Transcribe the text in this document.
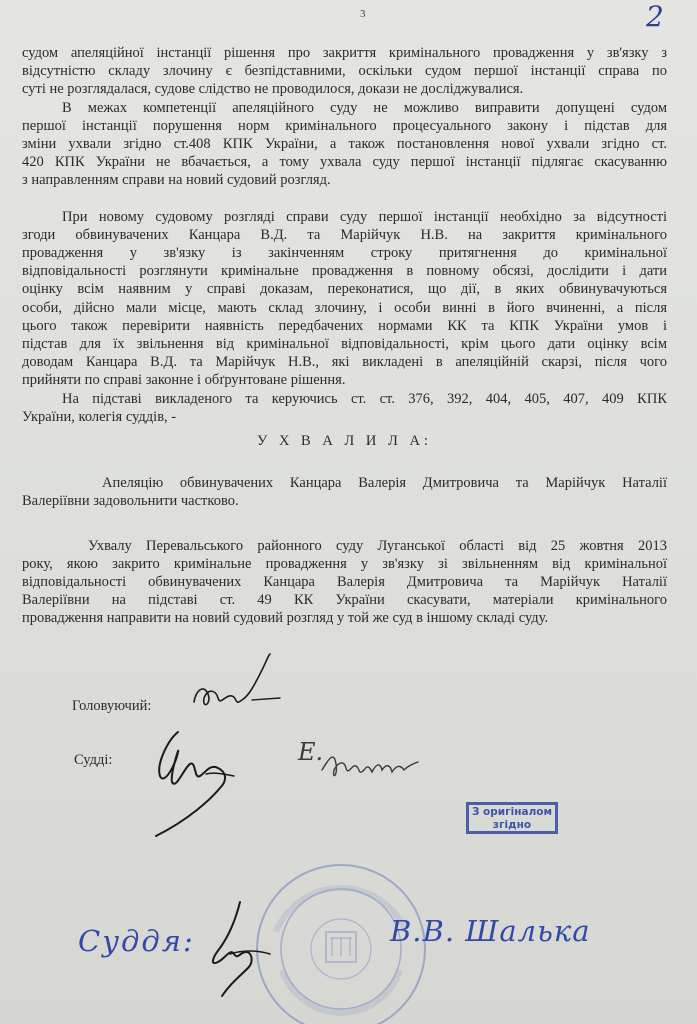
3	2

судом апеляційної інстанції рішення про закриття кримінального провадження у зв'язку з
відсутністю складу злочину є безпідставними, оскільки судом першої інстанції справа по
суті не розглядалася, судове слідство не проводилося, докази не досліджувалися.

В межах компетенції апеляційного суду не можливо виправити допущені судом
першої інстанції порушення норм кримінального процесуального закону і підстав для
зміни ухвали згідно ст.408 КПК України, а також постановлення нової ухвали згідно ст.
420 КПК України не вбачається, а тому ухвала суду першої інстанції підлягає скасуванню
з направленням справи на новий судовий розгляд.

При новому судовому розгляді справи суду першої інстанції необхідно за відсутності
згоди обвинувачених Канцара В.Д. та Марійчук Н.В. на закриття кримінального
провадження у зв'язку із закінченням строку притягнення до кримінальної
відповідальності розглянути кримінальне провадження в повному обсязі, дослідити і дати
оцінку всім наявним у справі доказам, переконатися, що дії, в яких обвинувачуються
особи, дійсно мали місце, мають склад злочину, і особи винні в його вчиненні, а після
цього також перевірити наявність передбачених нормами КК та КПК України умов і
підстав для їх звільнення від кримінальної відповідальності, крім цього дати оцінку всім
доводам Канцара В.Д. та Марійчук Н.В., які викладені в апеляційній скарзі, після чого
прийняти по справі законне і обґрунтоване рішення.

На підставі викладеного та керуючись ст. ст. 376, 392, 404, 405, 407, 409 КПК
України, колегія суддів, -

У Х В А Л И Л А:

Апеляцію обвинувачених Канцара Валерія Дмитровича та Марійчук Наталії
Валеріївни задовольнити частково.

Ухвалу Перевальського районного суду Луганської області від 25 жовтня 2013
року, якою закрито кримінальне провадження у зв'язку зі звільненням від кримінальної
відповідальності обвинувачених Канцара Валерія Дмитровича та Марійчук Наталії
Валеріївни на підставі ст. 49 КК України скасувати, матеріали кримінального
провадження направити на новий судовий розгляд у той же суд в іншому складі суду.

Головуючий:
Судді:	Е.
З оригіналом
згідно
Суддя:	В.В. Шалька
